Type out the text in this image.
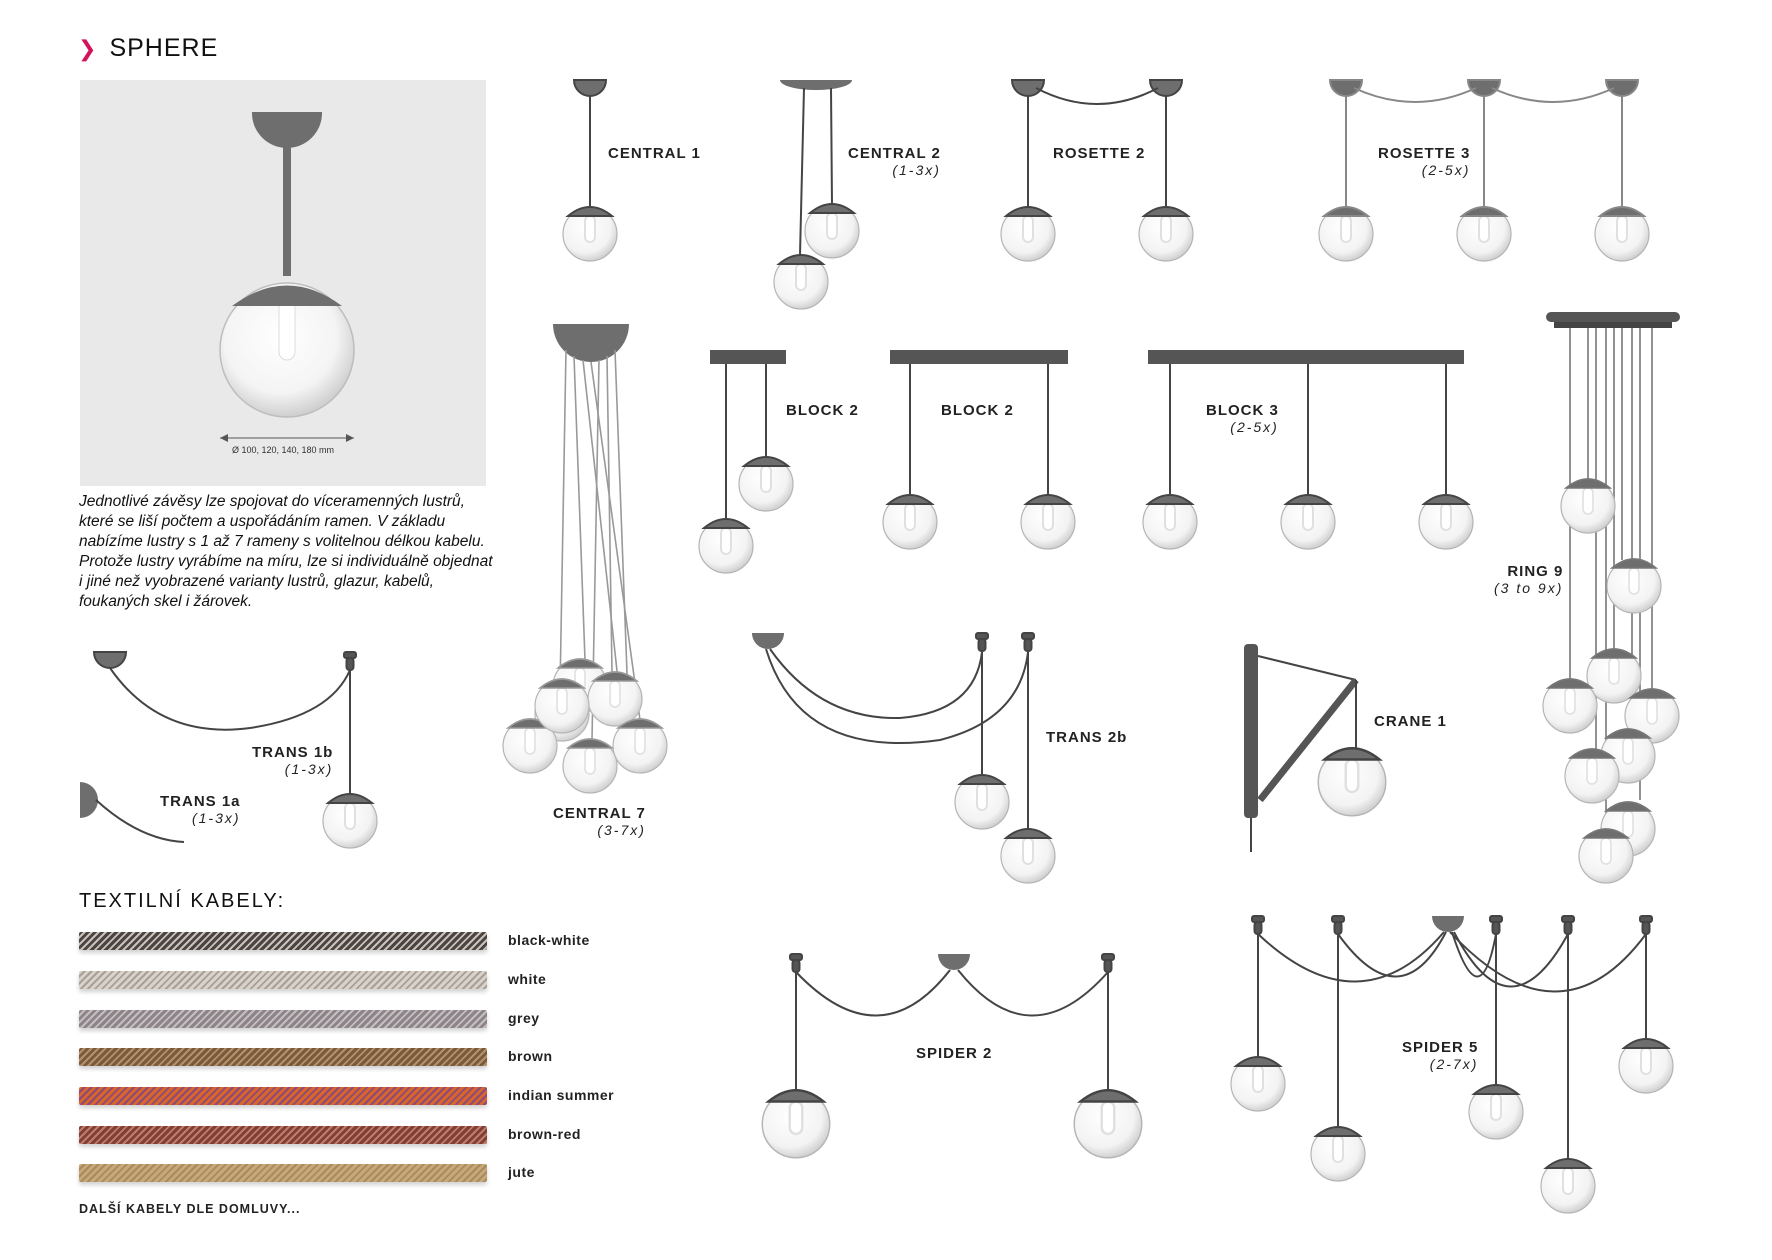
❯ SPHERE
Ø 100, 120, 140, 180 mm
Jednotlivé závěsy lze spojovat do víceramenných lustrů, které se liší počtem a uspořádáním ramen. V základu nabízíme lustry s 1 až 7 rameny s volitelnou délkou kabelu. Protože lustry vyrábíme na míru, lze si individuálně objednat i jiné než vyobrazené varianty lustrů, glazur, kabelů, foukaných skel i žárovek.
CENTRAL 1	CENTRAL 2
(1-3x)
ROSETTE 2	ROSETTE 3
(2-5x)
CENTRAL 7
(3-7x)
BLOCK 2	BLOCK 2	BLOCK 3
(2-5x)
RING 9
(3 to 9x)
TRANS 1b
(1-3x)
TRANS 1a
(1-3x)
TRANS 2b
CRANE 1
SPIDER 2	SPIDER 5
(2-7x)
TEXTILNÍ KABELY:
black-white
white
grey
brown
indian summer
brown-red
jute
DALŠÍ KABELY DLE DOMLUVY...
